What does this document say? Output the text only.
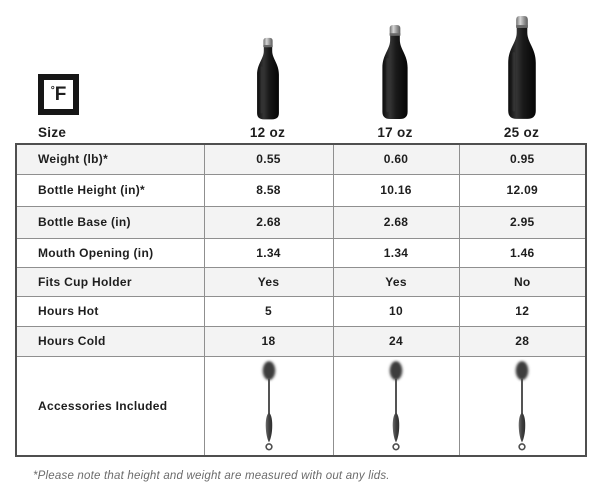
° F
Size	12 oz	17 oz	25 oz
Weight (lb)*	0.55	0.60	0.95
Bottle Height (in)*	8.58	10.16	12.09
Bottle Base (in)	2.68	2.68	2.95
Mouth Opening (in)	1.34	1.34	1.46
Fits Cup Holder	Yes	Yes	No
Hours Hot	5	10	12
Hours Cold	18	24	28
Accessories Included			

*Please note that height and weight are measured with out any lids.
